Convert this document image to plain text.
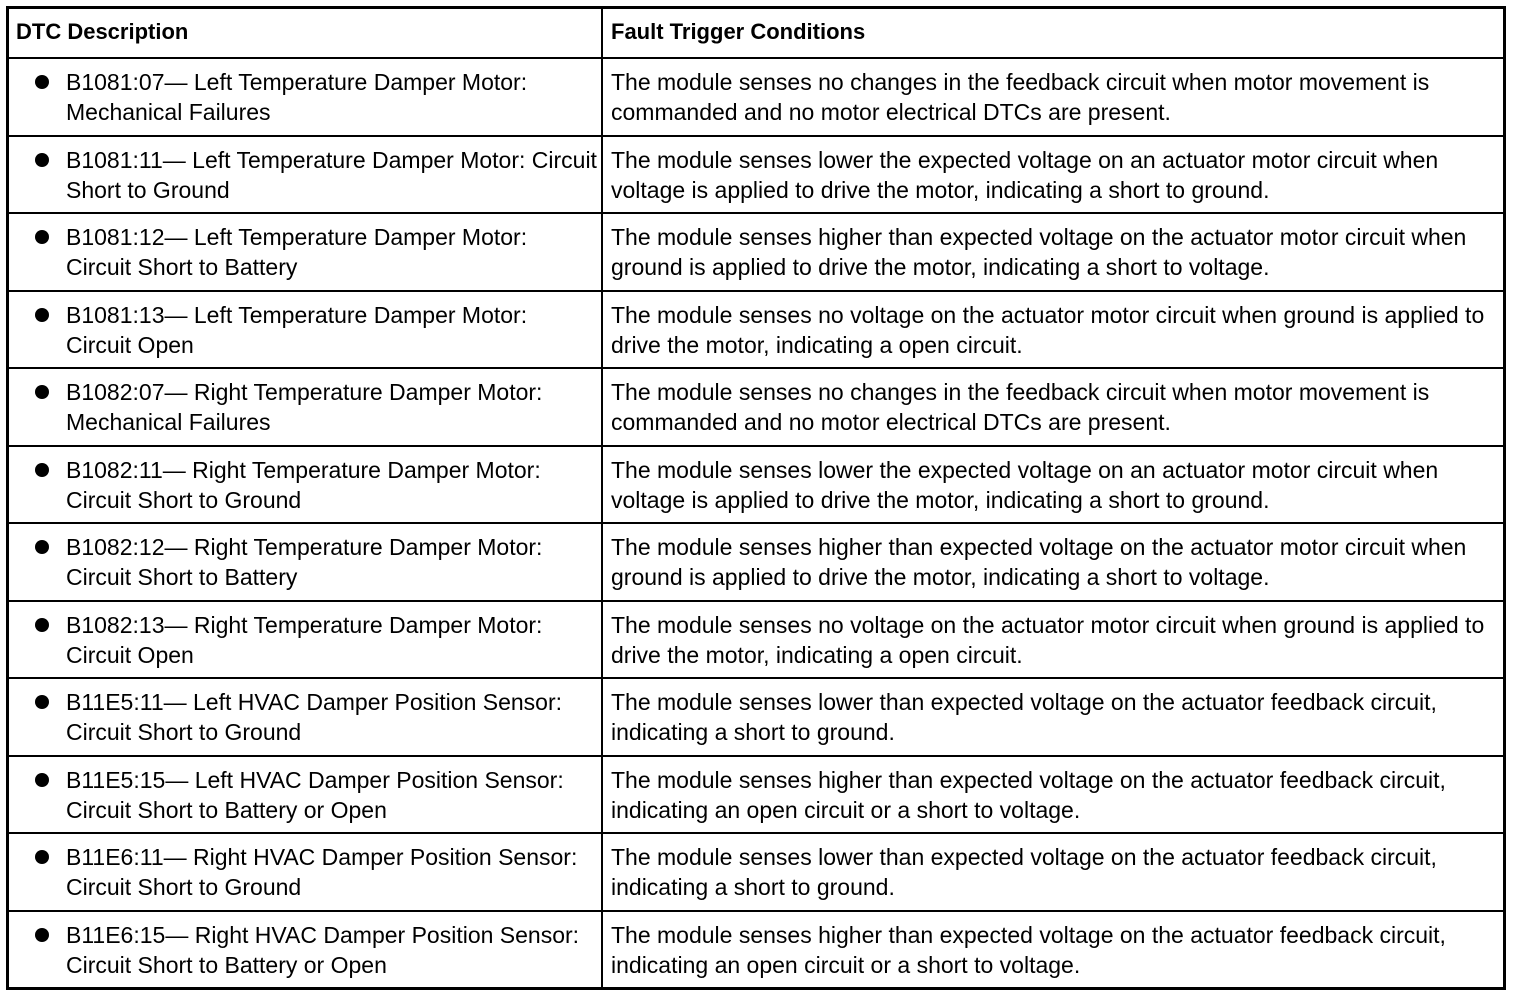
DTC Description	Fault Trigger Conditions
B1081:07— Left Temperature Damper Motor: Mechanical Failures
The module senses no changes in the feedback circuit when motor movement is commanded and no motor electrical DTCs are present.
B1081:11— Left Temperature Damper Motor: Circuit Short to Ground
The module senses lower the expected voltage on an actuator motor circuit when voltage is applied to drive the motor, indicating a short to ground.
B1081:12— Left Temperature Damper Motor: Circuit Short to Battery
The module senses higher than expected voltage on the actuator motor circuit when ground is applied to drive the motor, indicating a short to voltage.
B1081:13— Left Temperature Damper Motor: Circuit Open
The module senses no voltage on the actuator motor circuit when ground is applied to drive the motor, indicating a open circuit.
B1082:07— Right Temperature Damper Motor: Mechanical Failures
The module senses no changes in the feedback circuit when motor movement is commanded and no motor electrical DTCs are present.
B1082:11— Right Temperature Damper Motor: Circuit Short to Ground
The module senses lower the expected voltage on an actuator motor circuit when voltage is applied to drive the motor, indicating a short to ground.
B1082:12— Right Temperature Damper Motor: Circuit Short to Battery
The module senses higher than expected voltage on the actuator motor circuit when ground is applied to drive the motor, indicating a short to voltage.
B1082:13— Right Temperature Damper Motor: Circuit Open
The module senses no voltage on the actuator motor circuit when ground is applied to drive the motor, indicating a open circuit.
B11E5:11— Left HVAC Damper Position Sensor: Circuit Short to Ground
The module senses lower than expected voltage on the actuator feedback circuit, indicating a short to ground.
B11E5:15— Left HVAC Damper Position Sensor: Circuit Short to Battery or Open
The module senses higher than expected voltage on the actuator feedback circuit, indicating an open circuit or a short to voltage.
B11E6:11— Right HVAC Damper Position Sensor: Circuit Short to Ground
The module senses lower than expected voltage on the actuator feedback circuit, indicating a short to ground.
B11E6:15— Right HVAC Damper Position Sensor: Circuit Short to Battery or Open
The module senses higher than expected voltage on the actuator feedback circuit, indicating an open circuit or a short to voltage.
